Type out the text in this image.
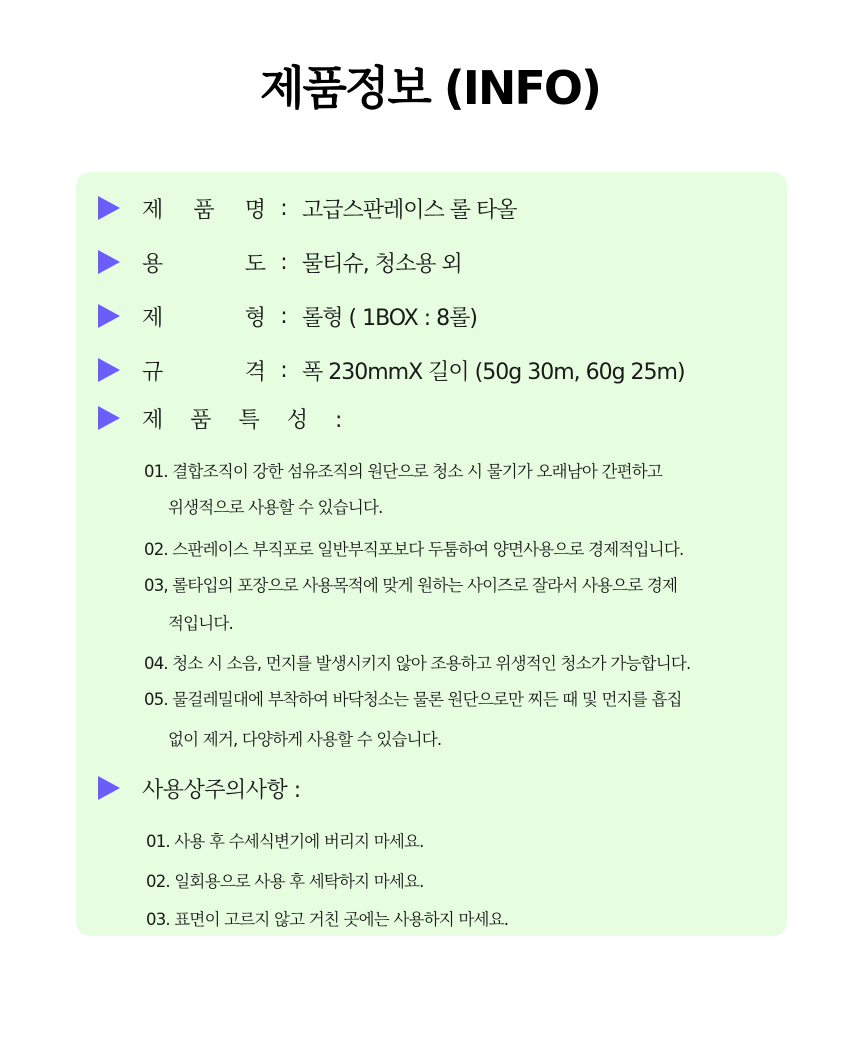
제품정보 (INFO)
제 품 명 : 고급스판레이스 롤 타올
용	도 : 물티슈, 청소용 외
제	형 : 롤형 ( 1BOX : 8롤)
규	격 : 폭 230mmX 길이 (50g 30m, 60g 25m)
제 품 특 성 :
01. 결합조직이 강한 섬유조직의 원단으로 청소 시 물기가 오래남아 간편하고
위생적으로 사용할 수 있습니다.
02. 스판레이스 부직포로 일반부직포보다 두툼하여 양면사용으로 경제적입니다.
03, 롤타입의 포장으로 사용목적에 맞게 원하는 사이즈로 잘라서 사용으로 경제
적입니다.
04. 청소 시 소음, 먼지를 발생시키지 않아 조용하고 위생적인 청소가 가능합니다.
05. 물걸레밀대에 부착하여 바닥청소는 물론 원단으로만 찌든 때 및 먼지를 흡집
없이 제거, 다양하게 사용할 수 있습니다.
사용상주의사항 :
01. 사용 후 수세식변기에 버리지 마세요.
02. 일회용으로 사용 후 세탁하지 마세요.
03. 표면이 고르지 않고 거친 곳에는 사용하지 마세요.
